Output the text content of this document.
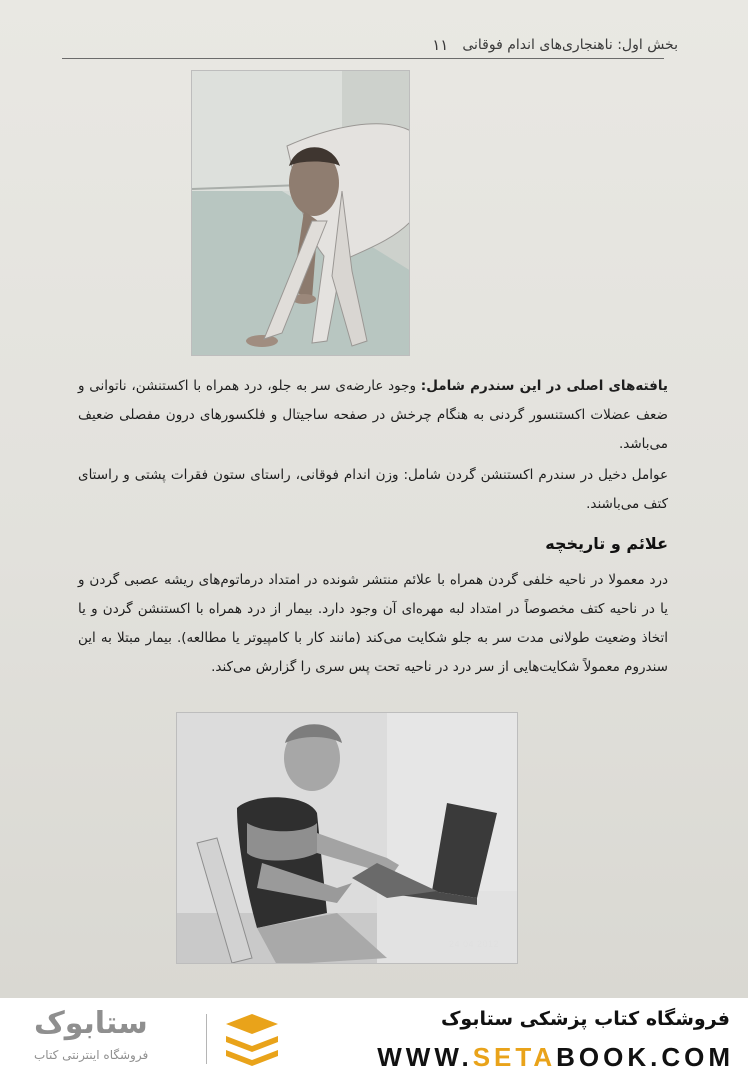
بخش اول: ناهنجاری‌های اندام فوقانی
۱۱
یافته‌های اصلی در این سندرم شامل: وجود عارضه‌ی سر به جلو، درد همراه با اکستنشن، ناتوانی و ضعف عضلات اکستنسور گردنی به هنگام چرخش در صفحه ساجیتال و فلکسورهای درون مفصلی ضعیف می‌باشد.
عوامل دخیل در سندرم اکستنشن گردن شامل: وزن اندام فوقانی، راستای ستون فقرات پشتی و راستای کتف می‌باشند.
علائم و تاریخچه
درد معمولا در ناحیه خلفی گردن همراه با علائم منتشر شونده در امتداد درماتوم‌های ریشه عصبی گردن و یا در ناحیه کتف مخصوصاً در امتداد لبه مهره‌ای آن وجود دارد. بیمار از درد همراه با اکستنشن گردن و یا اتخاذ وضعیت طولانی مدت سر به جلو شکایت می‌کند (مانند کار با کامپیوتر یا مطالعه). بیمار مبتلا به این سندروم معمولاً شکایت‌هایی از سر درد در ناحیه تحت پس سری را گزارش می‌کند.
24 04 2012
فروشگاه کتاب پزشکی ستابوک
WWW.SETABOOK.COM
ستابوک
فروشگاه اینترنتی کتاب
